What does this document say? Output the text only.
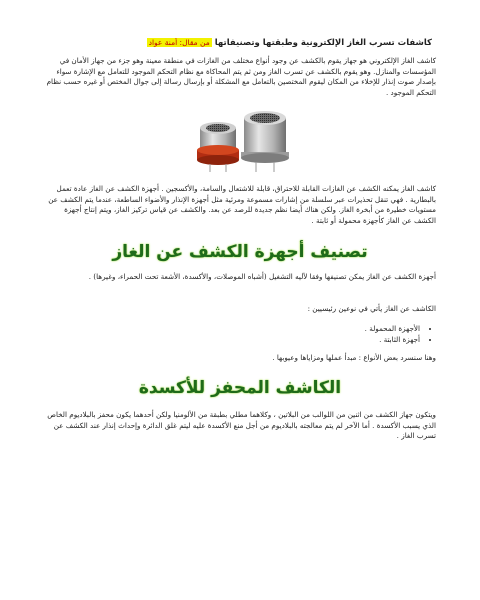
كاشفات تسرب الغاز الإلكترونية وطبقتها وتصنيفاتها من مقال: أمنة عواد

كاشف الغاز الإلكتروني هو جهاز يقوم بالكشف عن وجود أنواع مختلف من الغازات في منطقة معينة وهو جزء من جهاز الأمان في المؤسسات والمنازل. وهو يقوم بالكشف عن تسرب الغاز ومن ثم يتم المحاكاة مع نظام التحكم الموجود للتعامل مع الإشارة سواء بإصدار صوت إنذار للإخلاء من المكان ليقوم المختصين بالتعامل مع المشكلة أو بإرسال رسالة إلى جوال المختص أو غيره حسب نظام التحكم الموجود .

كاشف الغاز يمكنه الكشف عن الغازات القابلة للاحتراق، قابلة للاشتعال والسامة، والأكسجين . أجهزة الكشف عن الغاز عادة تعمل بالبطارية . فهي تنقل تحذيرات عبر سلسلة من إشارات مسموعة ومرئية مثل أجهزة الإنذار والأضواء الساطعة، عندما يتم الكشف عن مستويات خطيرة من أبخرة الغاز. ولكن هناك أيضا نظم جديدة للرصد عن بعد. والكشف عن قياس تركيز الغاز، ويتم إنتاج أجهزة الكشف عن الغاز كأجهزة محمولة أو ثابتة .

تصنيف أجهزة الكشف عن الغاز

أجهزة الكشف عن الغاز يمكن تصنيفها وفقا لآليه التشغيل (أشباه الموصلات، والأكسدة، الأشعة تحت الحمراء، وغيرها) .

الكاشف عن الغاز يأتي في نوعين رئيسيين :

• الأجهزة المحمولة .
• أجهزة الثابتة .

وهنا سنسرد بعض الأنواع : مبدأ عملها ومزاياها وعيوبها .

الكاشف المحفز للأكسدة

ويتكون جهاز الكشف من اثنين من اللوالب من البلاتين ، وكلاهما مطلي بطبقة من الألومنيا ولكن أحدهما يكون محفز بالبلاديوم الخاص الذي يسبب الأكسدة . أما الآخر لم يتم معالجته بالبلاديوم من أجل منع الأكسدة عليه ليتم غلق الدائرة وإحداث إنذار عند الكشف عن تسرب الغاز .
